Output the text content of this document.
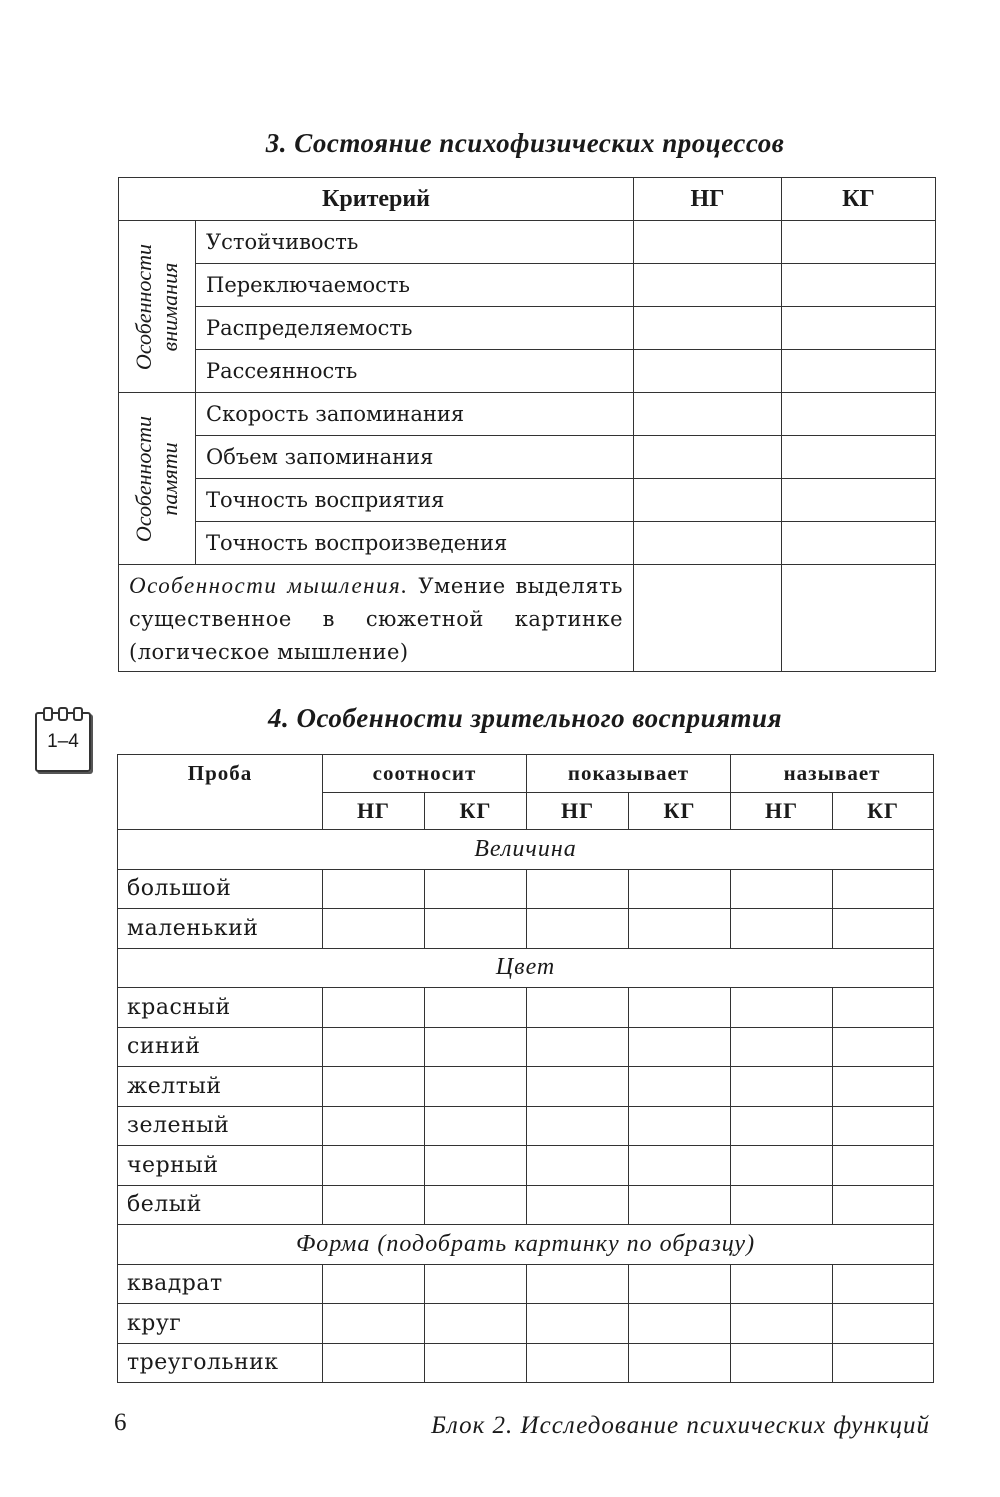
3. Состояние психофизических процессов
Критерий		НГ	КГ

Особенности внимания	Устойчивость		
	Переключаемость		
	Распределяемость		
	Рассеянность		

Особенности памяти	Скорость запоминания		
	Объем запоминания		
	Точность восприятия		
	Точность воспроизведения		
Особенности мышления. Умение выделять существенное в сюжетной картинке (логическое мышление)			
1–4
4. Особенности зрительного восприятия
Проба	соотносит		показывает		называет	
	НГ	КГ	НГ	КГ	НГ	КГ
Величина						
большой						
маленький						
Цвет						
красный						
синий						
желтый						
зеленый						
черный						
белый						
Форма (подобрать картинку по образцу)						
квадрат						
круг						
треугольник						
6	Блок 2. Исследование психических функций
